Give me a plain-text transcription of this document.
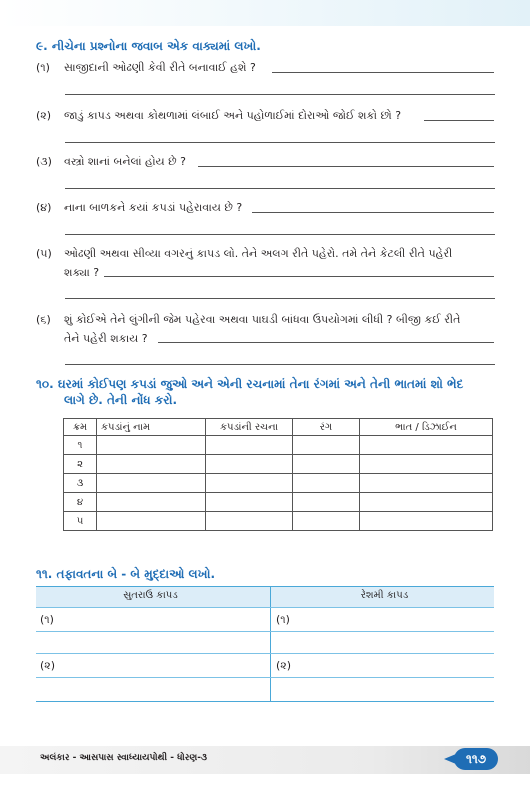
૯. નીચેના પ્રશ્નોના જવાબ એક વાક્યમાં લખો.
(૧) સાજીદાની ઓઢણી કેવી રીતે બનાવાઈ હશે ?
(૨) જાડું કાપડ અથવા કોથળામાં લંબાઈ અને પહોળાઈમાં દોરાઓ જોઈ શકો છો ?
(૩) વસ્ત્રો શાનાં બનેલાં હોય છે ?
(૪) નાના બાળકને કયાં કપડાં પહેરાવાય છે ?
(૫) ઓઢણી અથવા સીવ્યા વગરનું કાપડ લો. તેને અલગ રીતે પહેરો. તમે તેને કેટલી રીતે પહેરી
શક્યા ?
(૬) શું કોઈએ તેને લુંગીની જેમ પહેરવા અથવા પાઘડી બાંધવા ઉપયોગમાં લીધી ? બીજી કઈ રીતે
તેને પહેરી શકાય ?
૧૦. ઘરમાં કોઈપણ કપડાં જુઓ અને એની રચનામાં તેના રંગમાં અને તેની ભાતમાં શો ભેદ
લાગે છે. તેની નોંધ કરો.
ક્રમ	કપડાંનું નામ	કપડાંની રચના	રંગ	ભાત / ડિઝાઈન
૧				
૨				
૩				
૪				
૫				
૧૧. તફાવતના બે - બે મુદ્દાઓ લખો.
સુતરાઉ કાપડ	રેશમી કાપડ
(૧)	(૧)
(૨)	(૨)
અલંકાર - આસપાસ સ્વાધ્યાયપોથી - ધોરણ-૩	૧૧૭
